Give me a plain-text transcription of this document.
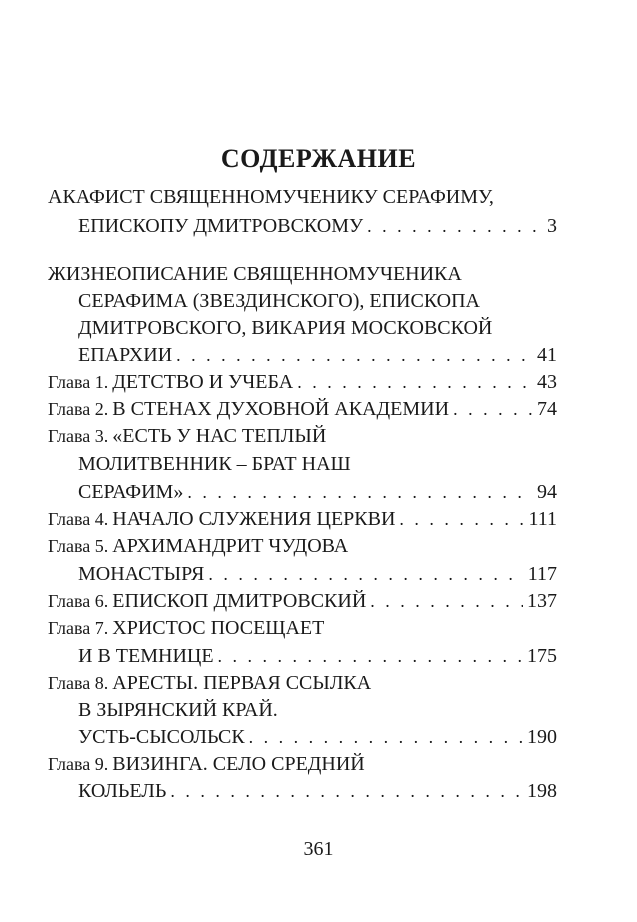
СОДЕРЖАНИЕ
АКАФИСТ СВЯЩЕННОМУЧЕНИКУ СЕРАФИМУ,
ЕПИСКОПУ ДМИТРОВСКОМУ . . .	3
ЖИЗНЕОПИСАНИЕ СВЯЩЕННОМУЧЕНИКА
СЕРАФИМА (ЗВЕЗДИНСКОГО), ЕПИСКОПА
ДМИТРОВСКОГО, ВИКАРИЯ МОСКОВСКОЙ
ЕПАРХИИ . . .	41
Глава 1. ДЕТСТВО И УЧЕБА . . .	43
Глава 2. В СТЕНАХ ДУХОВНОЙ АКАДЕМИИ . . .	74
Глава 3. «ЕСТЬ У НАС ТЕПЛЫЙ
МОЛИТВЕННИК – БРАТ НАШ
СЕРАФИМ» . . .	94
Глава 4. НАЧАЛО СЛУЖЕНИЯ ЦЕРКВИ . . .	111
Глава 5. АРХИМАНДРИТ ЧУДОВА
МОНАСТЫРЯ . . .	117
Глава 6. ЕПИСКОП ДМИТРОВСКИЙ . . .	137
Глава 7. ХРИСТОС ПОСЕЩАЕТ
И В ТЕМНИЦЕ . . .	175
Глава 8. АРЕСТЫ. ПЕРВАЯ ССЫЛКА
В ЗЫРЯНСКИЙ КРАЙ.
УСТЬ-СЫСОЛЬСК . . .	190
Глава 9. ВИЗИНГА. СЕЛО СРЕДНИЙ
КОЛЬЕЛЬ . . .	198
361
